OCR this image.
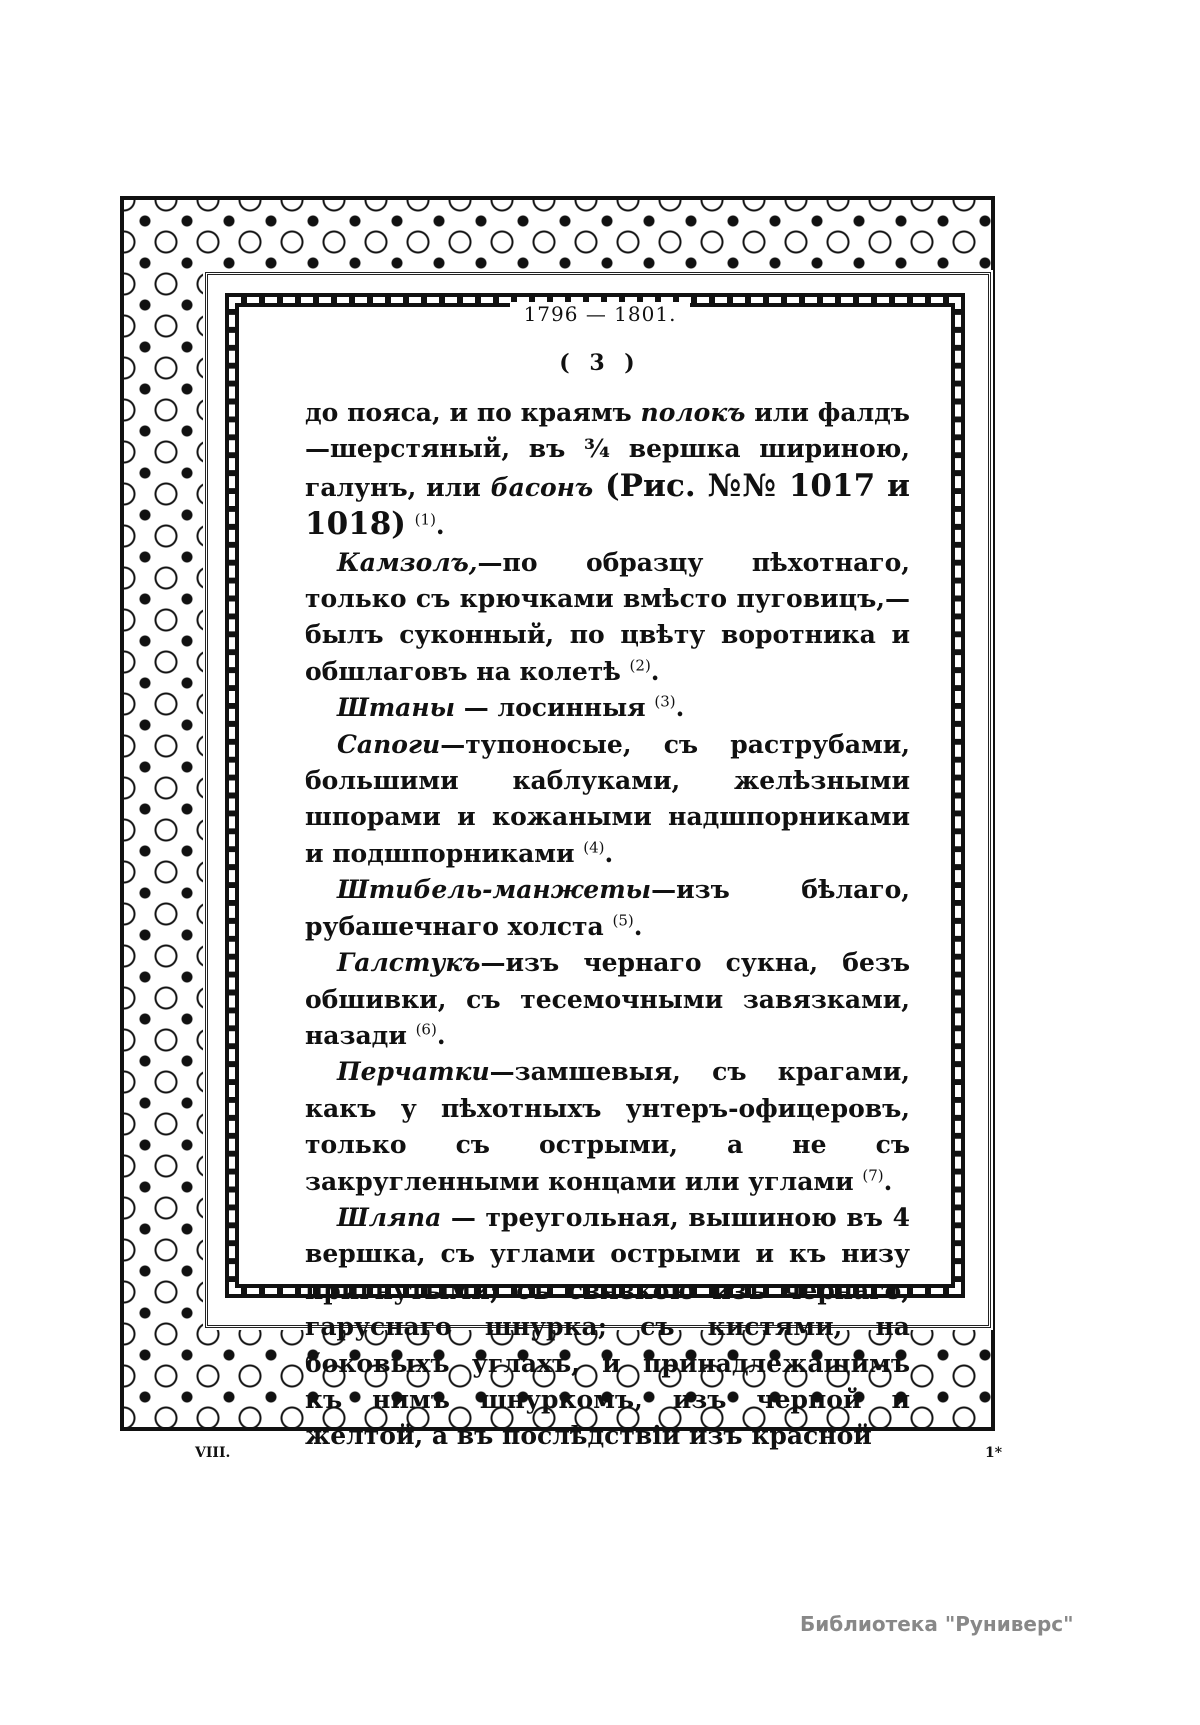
1796 — 1801.
( 3 )

до пояса, и по краямъ полокъ или фалдъ—шерстяный, въ ¾ вершка шириною, галунъ, или басонъ (Рис. №№ 1017 и 1018) $^{(1)}$.

Камзолъ,—по образцу пѣхотнаго, только съ крючками вмѣсто пуговицъ,—былъ суконный, по цвѣту воротника и обшлаговъ на колетѣ $^{(2)}$.

Штаны — лосинныя $^{(3)}$.

Сапоги—тупоносые, съ раструбами, большими каблуками, желѣзными шпорами и кожаными надшпорниками и подшпорниками $^{(4)}$.

Штибель-манжеты—изъ бѣлаго, рубашечнаго холста $^{(5)}$.

Галстукъ—изъ чернаго сукна, безъ обшивки, съ тесемочными завязками, назади $^{(6)}$.

Перчатки—замшевыя, съ крагами, какъ у пѣхотныхъ унтеръ-офицеровъ, только съ острыми, а не съ закругленными концами или углами $^{(7)}$.

Шляпа — треугольная, вышиною въ 4 вершка, съ углами острыми и къ низу пригнутыми; съ связкою изъ чернаго, гаруснаго шнурка; съ кистями, на боковыхъ углахъ, и принадлежащимъ къ нимъ шнуркомъ, изъ черной и желтой, а въ послѣдствіи изъ красной

VIII.	1*
Библиотека "Руниверс"
